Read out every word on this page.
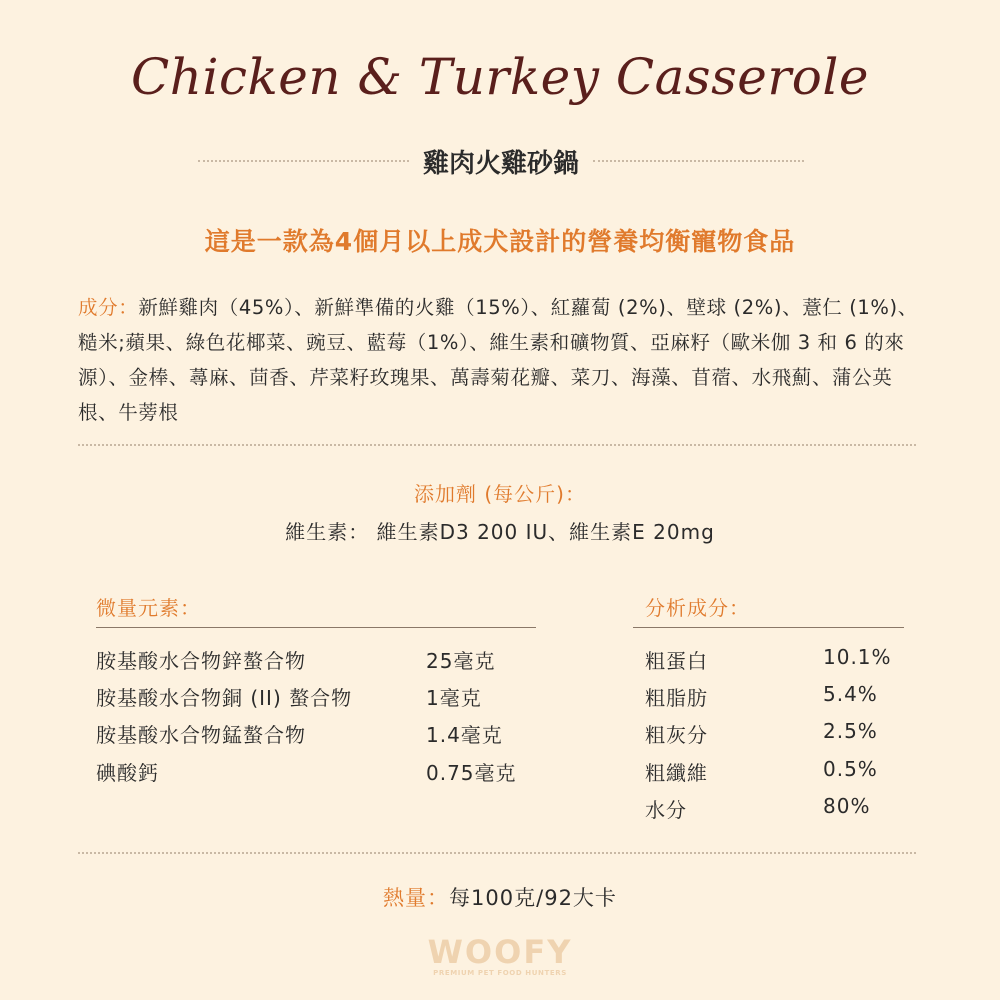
Chicken & Turkey Casserole
雞肉火雞砂鍋
這是一款為4個月以上成犬設計的營養均衡寵物食品
成分：新鮮雞肉（45%）、新鮮準備的火雞（15%）、紅蘿蔔 (2%)、壁球 (2%)、薏仁 (1%)、糙米;蘋果、綠色花椰菜、豌豆、藍莓（1%）、維生素和礦物質、亞麻籽（歐米伽 3 和 6 的來源）、金棒、蕁麻、茴香、芹菜籽玫瑰果、萬壽菊花瓣、菜刀、海藻、苜蓿、水飛薊、蒲公英根、牛蒡根
添加劑 (每公斤)：
維生素： 維生素D3 200 IU、維生素E 20mg
微量元素：	分析成分：
胺基酸水合物鋅螯合物	25毫克
胺基酸水合物銅 (II) 螯合物	1毫克
胺基酸水合物錳螯合物	1.4毫克
碘酸鈣	0.75毫克
粗蛋白	10.1%
粗脂肪	5.4%
粗灰分	2.5%
粗纖維	0.5%
水分	80%
熱量：每100克/92大卡
WOOFY
PREMIUM PET FOOD HUNTERS
